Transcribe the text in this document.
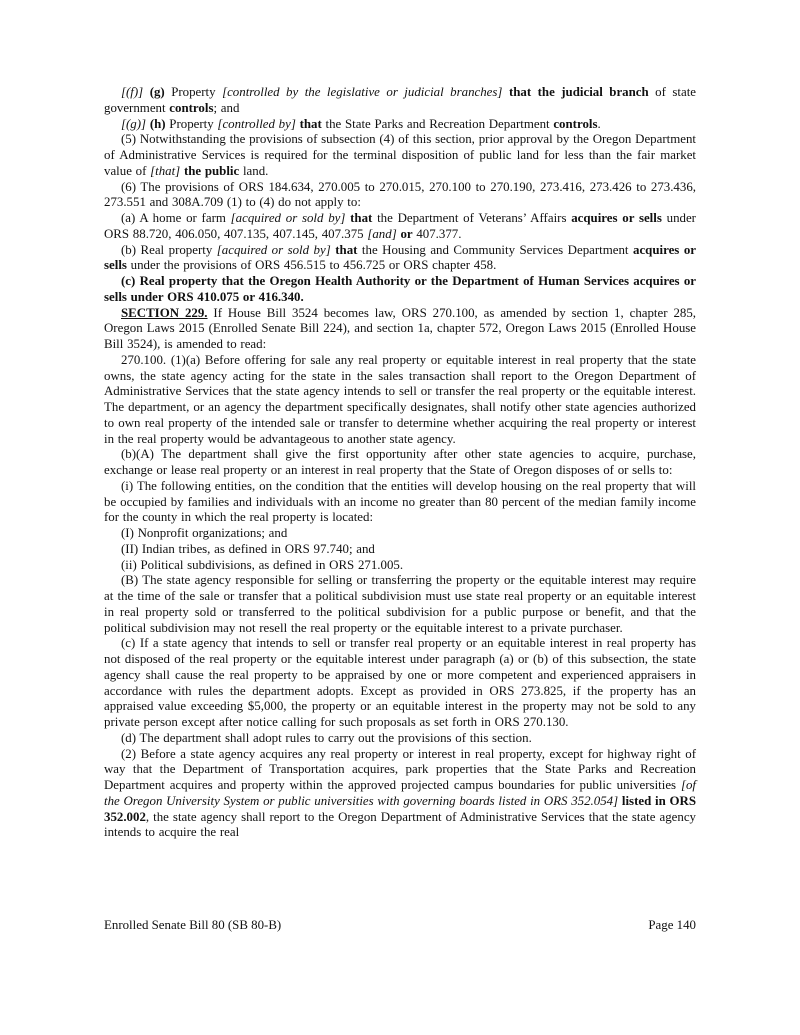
[(f)] (g) Property [controlled by the legislative or judicial branches] that the judicial branch of state government controls; and

[(g)] (h) Property [controlled by] that the State Parks and Recreation Department controls.

(5) Notwithstanding the provisions of subsection (4) of this section, prior approval by the Oregon Department of Administrative Services is required for the terminal disposition of public land for less than the fair market value of [that] the public land.

(6) The provisions of ORS 184.634, 270.005 to 270.015, 270.100 to 270.190, 273.416, 273.426 to 273.436, 273.551 and 308A.709 (1) to (4) do not apply to:

(a) A home or farm [acquired or sold by] that the Department of Veterans’ Affairs acquires or sells under ORS 88.720, 406.050, 407.135, 407.145, 407.375 [and] or 407.377.

(b) Real property [acquired or sold by] that the Housing and Community Services Department acquires or sells under the provisions of ORS 456.515 to 456.725 or ORS chapter 458.

(c) Real property that the Oregon Health Authority or the Department of Human Services acquires or sells under ORS 410.075 or 416.340.

SECTION 229. If House Bill 3524 becomes law, ORS 270.100, as amended by section 1, chapter 285, Oregon Laws 2015 (Enrolled Senate Bill 224), and section 1a, chapter 572, Oregon Laws 2015 (Enrolled House Bill 3524), is amended to read:

270.100. (1)(a) Before offering for sale any real property or equitable interest in real property that the state owns, the state agency acting for the state in the sales transaction shall report to the Oregon Department of Administrative Services that the state agency intends to sell or transfer the real property or the equitable interest. The department, or an agency the department specifically designates, shall notify other state agencies authorized to own real property of the intended sale or transfer to determine whether acquiring the real property or interest in the real property would be advantageous to another state agency.

(b)(A) The department shall give the first opportunity after other state agencies to acquire, purchase, exchange or lease real property or an interest in real property that the State of Oregon disposes of or sells to:

(i) The following entities, on the condition that the entities will develop housing on the real property that will be occupied by families and individuals with an income no greater than 80 percent of the median family income for the county in which the real property is located:

(I) Nonprofit organizations; and

(II) Indian tribes, as defined in ORS 97.740; and

(ii) Political subdivisions, as defined in ORS 271.005.

(B) The state agency responsible for selling or transferring the property or the equitable interest may require at the time of the sale or transfer that a political subdivision must use state real property or an equitable interest in real property sold or transferred to the political subdivision for a public purpose or benefit, and that the political subdivision may not resell the real property or the equitable interest to a private purchaser.

(c) If a state agency that intends to sell or transfer real property or an equitable interest in real property has not disposed of the real property or the equitable interest under paragraph (a) or (b) of this subsection, the state agency shall cause the real property to be appraised by one or more competent and experienced appraisers in accordance with rules the department adopts. Except as provided in ORS 273.825, if the property has an appraised value exceeding $5,000, the property or an equitable interest in the property may not be sold to any private person except after notice calling for such proposals as set forth in ORS 270.130.

(d) The department shall adopt rules to carry out the provisions of this section.

(2) Before a state agency acquires any real property or interest in real property, except for highway right of way that the Department of Transportation acquires, park properties that the State Parks and Recreation Department acquires and property within the approved projected campus boundaries for public universities [of the Oregon University System or public universities with governing boards listed in ORS 352.054] listed in ORS 352.002, the state agency shall report to the Oregon Department of Administrative Services that the state agency intends to acquire the real

Enrolled Senate Bill 80 (SB 80-B)	Page 140
